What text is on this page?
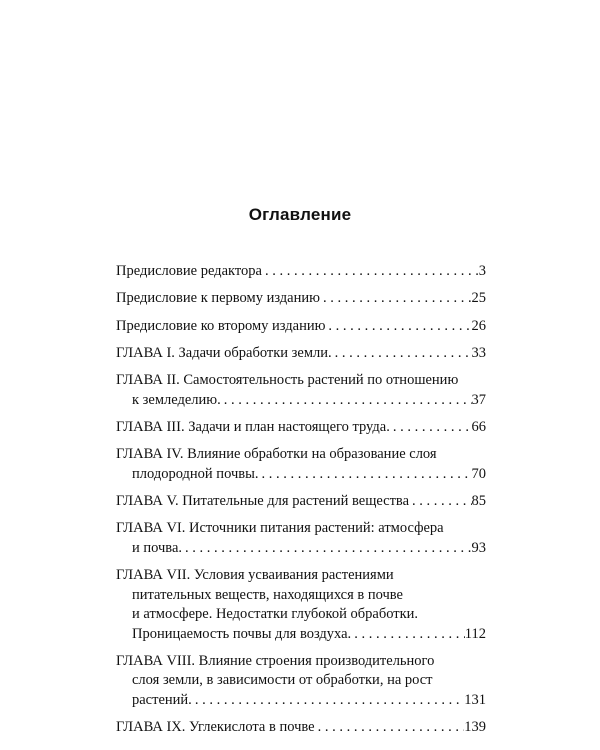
Оглавление
Предисловие редактора . . .	3
Предисловие к первому изданию . . .	25
Предисловие ко второму изданию . . .	26
ГЛАВА I. Задачи обработки земли. . . .	33
ГЛАВА II. Самостоятельность растений по отношению
к земледелию. . . .	37
ГЛАВА III. Задачи и план настоящего труда. . . .	66
ГЛАВА IV. Влияние обработки на образование слоя
плодородной почвы. . . .	70
ГЛАВА V. Питательные для растений вещества . . .	85
ГЛАВА VI. Источники питания растений: атмосфера
и почва. . . .	93
ГЛАВА VII. Условия усваивания растениями
питательных веществ, находящихся в почве
и атмосфере. Недостатки глубокой обработки.
Проницаемость почвы для воздуха. . . .	112
ГЛАВА VIII. Влияние строения производительного
слоя земли, в зависимости от обработки, на рост
растений. . . .	131
ГЛАВА IX. Углекислота в почве . . .	139
